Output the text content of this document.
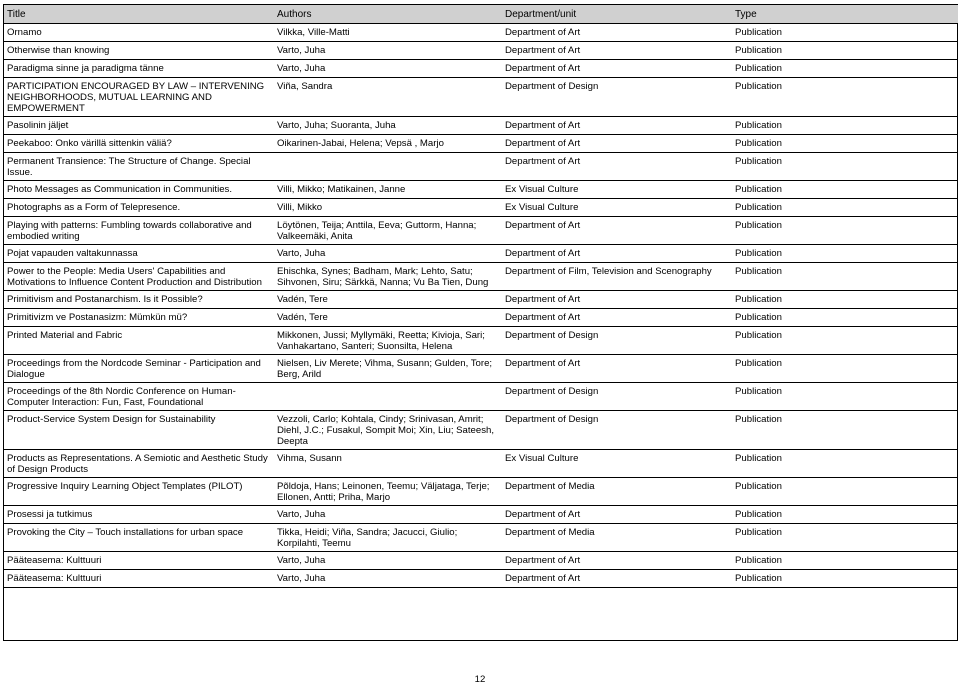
Title	Authors	Department/unit	Type
Ornamo	Vilkka, Ville-Matti	Department of Art	Publication
Otherwise than knowing	Varto, Juha	Department of Art	Publication
Paradigma sinne ja paradigma tänne	Varto, Juha	Department of Art	Publication
PARTICIPATION ENCOURAGED BY LAW – INTERVENING NEIGHBORHOODS, MUTUAL LEARNING AND EMPOWERMENT	Viña, Sandra	Department of Design	Publication
Pasolinin jäljet	Varto, Juha; Suoranta, Juha	Department of Art	Publication
Peekaboo: Onko värillä sittenkin väliä?	Oikarinen-Jabai, Helena; Vepsä , Marjo	Department of Art	Publication
Permanent Transience: The Structure of Change. Special Issue.		Department of Art	Publication
Photo Messages as Communication in Communities.	Villi, Mikko; Matikainen, Janne	Ex Visual Culture	Publication
Photographs as a Form of Telepresence.	Villi, Mikko	Ex Visual Culture	Publication
Playing with patterns: Fumbling towards collaborative and embodied writing	Löytönen, Teija; Anttila, Eeva; Guttorm, Hanna; Valkeemäki, Anita	Department of Art	Publication
Pojat vapauden valtakunnassa	Varto, Juha	Department of Art	Publication
Power to the People: Media Users' Capabilities and Motivations to Influence Content Production and Distribution	Ehischka, Synes; Badham, Mark; Lehto, Satu; Sihvonen, Siru; Särkkä, Nanna; Vu Ba Tien, Dung	Department of Film, Television and Scenography	Publication
Primitivism and Postanarchism. Is it Possible?	Vadén, Tere	Department of Art	Publication
Primitivizm ve Postanasizm: Mümkün mü?	Vadén, Tere	Department of Art	Publication
Printed Material and Fabric	Mikkonen, Jussi; Myllymäki, Reetta; Kivioja, Sari; Vanhakartano, Santeri; Suonsilta, Helena	Department of Design	Publication
Proceedings from the Nordcode Seminar - Participation and Dialogue	Nielsen, Liv Merete; Vihma, Susann; Gulden, Tore; Berg, Arild	Department of Art	Publication
Proceedings of the 8th Nordic Conference on Human-Computer Interaction: Fun, Fast, Foundational		Department of Design	Publication
Product-Service System Design for Sustainability	Vezzoli, Carlo; Kohtala, Cindy; Srinivasan, Amrit; Diehl, J.C.; Fusakul, Sompit Moi; Xin, Liu; Sateesh, Deepta	Department of Design	Publication
Products as Representations. A Semiotic and Aesthetic Study of Design Products	Vihma, Susann	Ex Visual Culture	Publication
Progressive Inquiry Learning Object Templates (PILOT)	Põldoja, Hans; Leinonen, Teemu; Väljataga, Terje; Ellonen, Antti; Priha, Marjo	Department of Media	Publication
Prosessi ja tutkimus	Varto, Juha	Department of Art	Publication
Provoking the City – Touch installations for urban space	Tikka, Heidi; Viña, Sandra; Jacucci, Giulio; Korpilahti, Teemu	Department of Media	Publication
Pääteasema: Kulttuuri	Varto, Juha	Department of Art	Publication
Pääteasema: Kulttuuri	Varto, Juha	Department of Art	Publication
12
